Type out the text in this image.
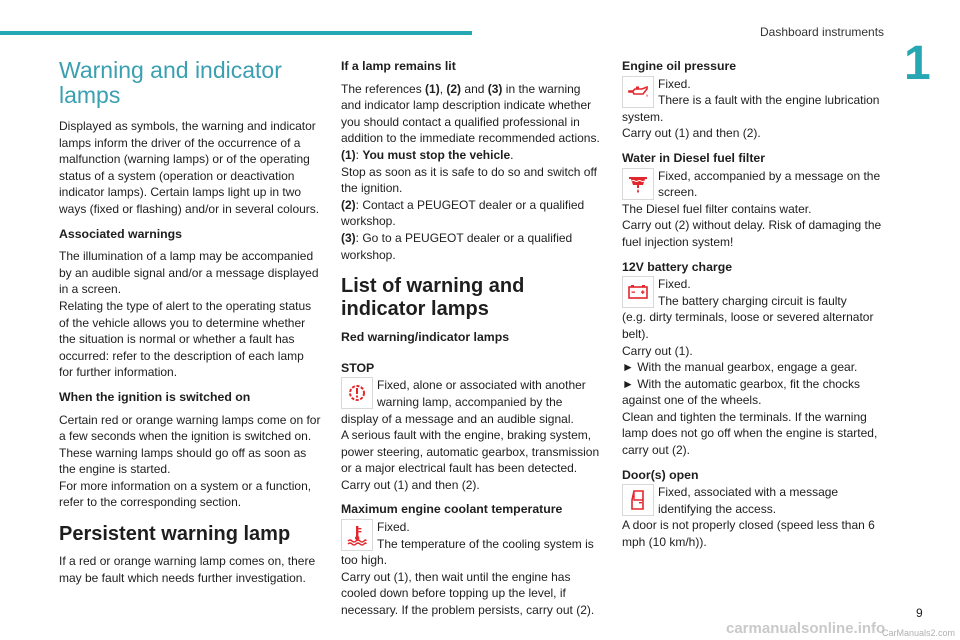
Dashboard instruments
1
Warning and indicator lamps

Displayed as symbols, the warning and indicator lamps inform the driver of the occurrence of a malfunction (warning lamps) or of the operating status of a system (operation or deactivation indicator lamps). Certain lamps light up in two ways (fixed or flashing) and/or in several colours.

Associated warnings

The illumination of a lamp may be accompanied by an audible signal and/or a message displayed in a screen.

Relating the type of alert to the operating status of the vehicle allows you to determine whether the situation is normal or whether a fault has occurred: refer to the description of each lamp for further information.

When the ignition is switched on

Certain red or orange warning lamps come on for a few seconds when the ignition is switched on. These warning lamps should go off as soon as the engine is started.

For more information on a system or a function, refer to the corresponding section.

Persistent warning lamp

If a red or orange warning lamp comes on, there may be fault which needs further investigation.

If a lamp remains lit

The references (1), (2) and (3) in the warning and indicator lamp description indicate whether you should contact a qualified professional in addition to the immediate recommended actions.

(1): You must stop the vehicle.

Stop as soon as it is safe to do so and switch off the ignition.

(2): Contact a PEUGEOT dealer or a qualified workshop.

(3): Go to a PEUGEOT dealer or a qualified workshop.

List of warning and indicator lamps
Red warning/indicator lamps
STOP
Fixed, alone or associated with another warning lamp, accompanied by the

display of a message and an audible signal.

A serious fault with the engine, braking system, power steering, automatic gearbox, transmission or a major electrical fault has been detected.

Carry out (1) and then (2).

Maximum engine coolant temperature
Fixed.
The temperature of the cooling system is

too high.

Carry out (1), then wait until the engine has cooled down before topping up the level, if necessary. If the problem persists, carry out (2).

Engine oil pressure
Fixed.
There is a fault with the engine lubrication

system.

Carry out (1) and then (2).

Water in Diesel fuel filter
Fixed, accompanied by a message on the screen.

The Diesel fuel filter contains water.

Carry out (2) without delay. Risk of damaging the fuel injection system!

12V battery charge
Fixed.
The battery charging circuit is faulty

(e.g. dirty terminals, loose or severed alternator belt).

Carry out (1).

► With the manual gearbox, engage a gear.

► With the automatic gearbox, fit the chocks against one of the wheels.

Clean and tighten the terminals. If the warning lamp does not go off when the engine is started, carry out (2).

Door(s) open
Fixed, associated with a message identifying the access.

A door is not properly closed (speed less than 6 mph (10 km/h)).

9
carmanualsonline.info
CarManuals2.com
